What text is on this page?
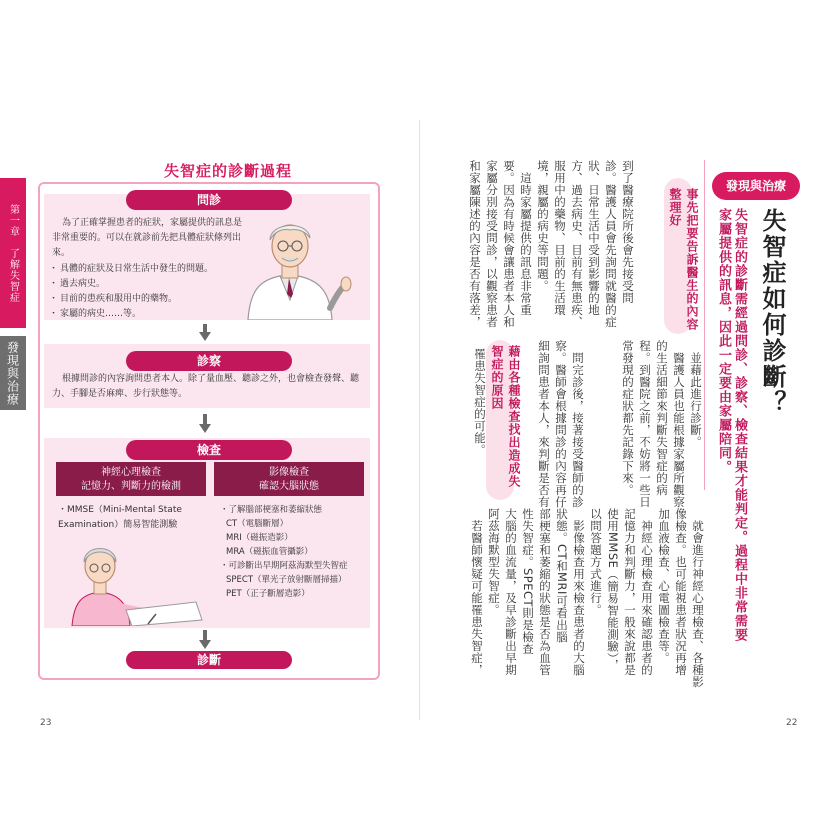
第一章　了解失智症
發現與治療
失智症的診斷過程
問診

為了正確掌握患者的症狀，家屬提供的訊息是非常重要的。可以在就診前先把具體症狀條列出來。

・ 具體的症狀及日常生活中發生的問題。
・ 過去病史。
・ 目前的患疾和服用中的藥物。
・ 家屬的病史……等。
診察
根據問診的內容詢問患者本人。除了量血壓、聽診之外，也會檢查發聲、聽力、手腳是否麻痺、步行狀態等。
檢查
神經心理檢查
記憶力、判斷力的檢測
影像檢查
確認大腦狀態
・MMSE（Mini-Mental State Examination）簡易智能測驗
・了解腦部梗塞和萎縮狀態
CT（電腦斷層）
MRI（磁振造影）
MRA（磁振血管攝影）
・可診斷出早期阿茲海默型失智症
SPECT（單光子放射斷層掃描）
PET（正子斷層造影）
診斷
23
發現與治療
失智症如何診斷？
失智症的診斷需經過問診、診察、檢查結果才能判定。過程中非常需要
家屬提供的訊息，因此一定要由家屬陪同。
事先把要告訴醫生的內容
整理好
到了醫療院所後會先接受問
診。醫護人員會先詢問就醫的症
狀、日常生活中受到影響的地
方、過去病史、目前有無患疾、
服用中的藥物、目前的生活環
境，親屬的病史等問題。
　這時家屬提供的訊息非常重
要。因為有時候會讓患者本人和
家屬分別接受問診，以觀察患者
和家屬陳述的內容是否有落差，
　並藉此進行診斷。
　醫護人員也能根據家屬所觀察
的生活細節來判斷失智症的病
程。到醫院之前，不妨將一些日
常發現的症狀都先記錄下來。
　問完診後，接著接受醫師的診
察。醫師會根據問診的內容再仔
細詢問患者本人，來判斷是否有
藉由各種檢查找出造成失
智症的原因
罹患失智症的可能。
　就會進行神經心理檢查、各種影
像檢查。也可能視患者狀況再增
加血液檢查、心電圖檢查等。
　神經心理檢查用來確認患者的
記憶力和判斷力，一般來說都是
使用MMSE（簡易智能測驗），
以問答題方式進行。
　影像檢查用來檢查患者的大腦
狀態。CT和MRI可看出腦
部梗塞和萎縮的狀態是否為血管
性失智症。SPECT則是檢查
大腦的血流量，及早診斷出早期
阿茲海默型失智症。
　若醫師懷疑可能罹患失智症，
22
